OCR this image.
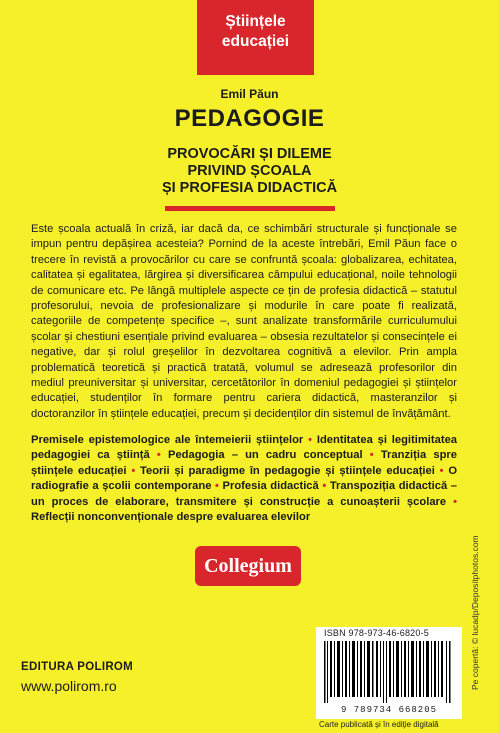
Științele
educației
Emil Păun
PEDAGOGIE
PROVOCĂRI ȘI DILEME
PRIVIND ȘCOALA
ȘI PROFESIA DIDACTICĂ
Este școala actuală în criză, iar dacă da, ce schimbări structurale și funcționale se impun pentru depășirea acesteia? Pornind de la aceste întrebări, Emil Păun face o trecere în revistă a provocărilor cu care se confruntă școala: globalizarea, echitatea, calitatea și egalitatea, lărgirea și diversificarea câmpului educațional, noile tehnologii de comunicare etc. Pe lângă multiplele aspecte ce țin de profesia didactică – statutul profesorului, nevoia de profesionalizare și modurile în care poate fi realizată, categoriile de competențe specifice –, sunt analizate transformările curriculumului școlar și chestiuni esențiale privind evaluarea – obsesia rezultatelor și consecințele ei negative, dar și rolul greșelilor în dezvoltarea cognitivă a elevilor. Prin ampla problematică teoretică și practică tratată, volumul se adresează profesorilor din mediul preuniversitar și universitar, cercetătorilor în domeniul pedagogiei și științelor educației, studenților în formare pentru cariera didactică, masteranzilor și doctoranzilor în științele educației, precum și decidenților din sistemul de învățământ.
Premisele epistemologice ale întemeierii științelor • Identitatea și legitimitatea pedagogiei ca știință • Pedagogia – un cadru conceptual • Tranziția spre științele educației • Teorii și paradigme în pedagogie și științele educației • O radiografie a școlii contemporane • Profesia didactică • Transpoziția didactică – un proces de elaborare, transmitere și construcție a cunoașterii școlare • Reflecții nonconvenționale despre evaluarea elevilor
Collegium
EDITURA POLIROM
www.polirom.ro
ISBN 978-973-46-6820-5
9 789734 668205
Carte publicată și în ediție digitală
Pe copertă: © lucadp/Depositphotos.com
